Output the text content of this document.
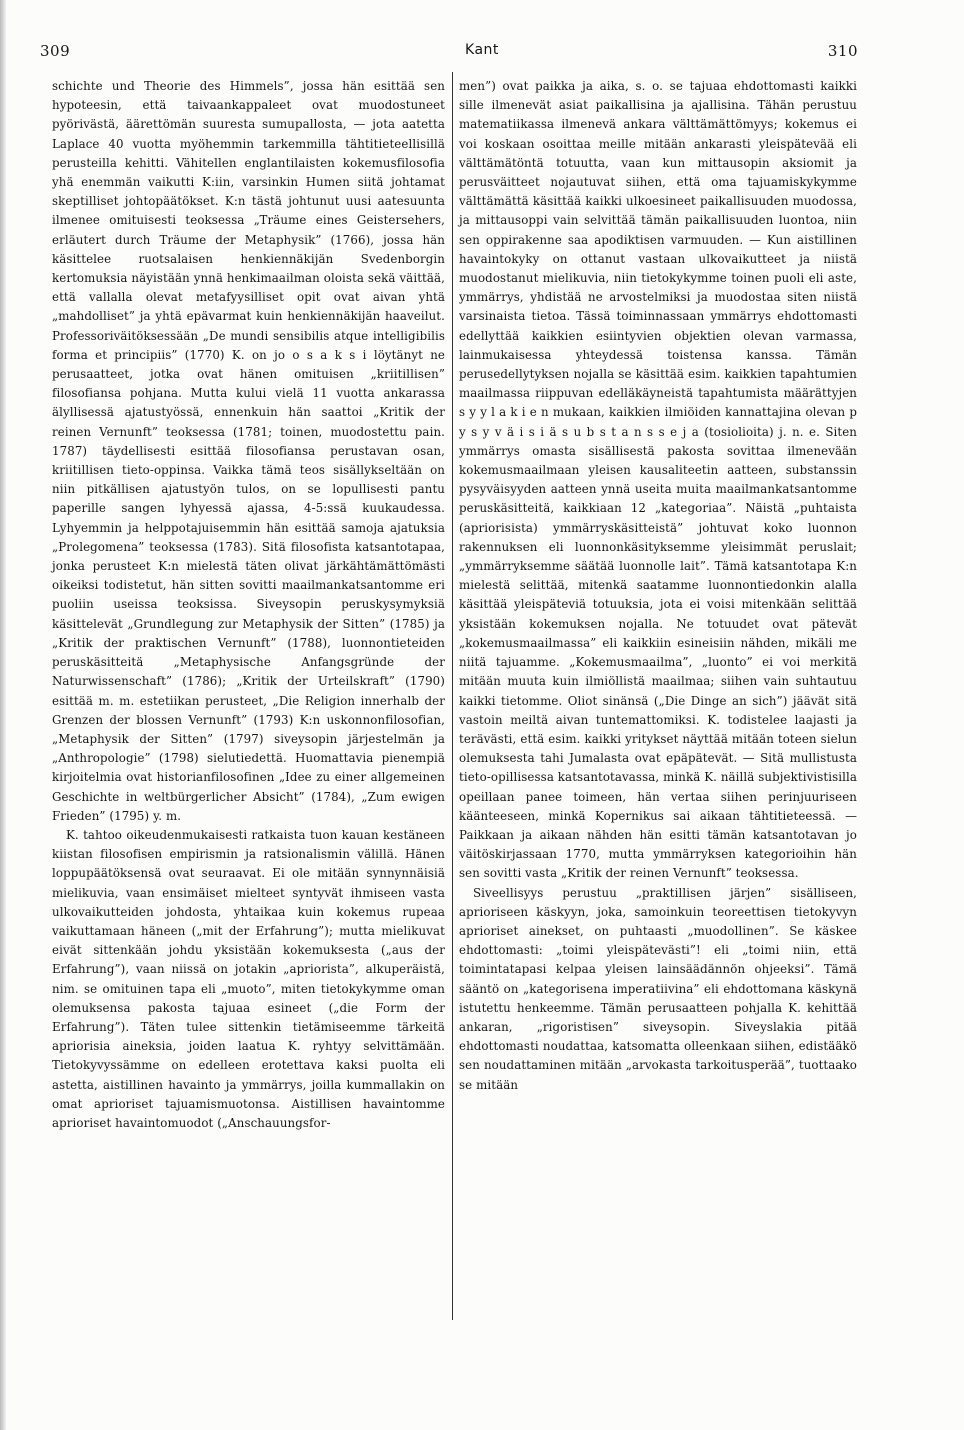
309	Kant	310

schichte und Theorie des Himmels”, jossa hän esittää sen hypoteesin, että taivaankappaleet ovat muodostuneet pyörivästä, äärettömän suuresta sumupallosta, — jota aatetta Laplace 40 vuotta myöhemmin tarkemmilla tähtitieteellisillä perusteilla kehitti. Vähitellen englantilaisten kokemusfilosofia yhä enemmän vaikutti K:iin, varsinkin Humen siitä johtamat skeptilliset johtopäätökset. K:n tästä johtunut uusi aatesuunta ilmenee omituisesti teoksessa „Träume eines Geistersehers, erläutert durch Träume der Metaphysik” (1766), jossa hän käsittelee ruotsalaisen henkiennäkijän Svedenborgin kertomuksia näyistään ynnä henkimaailman oloista sekä väittää, että vallalla olevat metafyysilliset opit ovat aivan yhtä „mahdolliset” ja yhtä epävarmat kuin henkiennäkijän haaveilut. Professoriväitöksessään „De mundi sensibilis atque intelligibilis forma et principiis” (1770) K. on jo o s a k s i löytänyt ne perusaatteet, jotka ovat hänen omituisen „kriitillisen” filosofiansa pohjana. Mutta kului vielä 11 vuotta ankarassa älyllisessä ajatustyössä, ennenkuin hän saattoi „Kritik der reinen Vernunft” teoksessa (1781; toinen, muodostettu pain. 1787) täydellisesti esittää filosofiansa perustavan osan, kriitillisen tieto-oppinsa. Vaikka tämä teos sisällykseltään on niin pitkällisen ajatustyön tulos, on se lopullisesti pantu paperille sangen lyhyessä ajassa, 4-5:ssä kuukaudessa. Lyhyemmin ja helppotajuisemmin hän esittää samoja ajatuksia „Prolegomena” teoksessa (1783). Sitä filosofista katsantotapaa, jonka perusteet K:n mielestä täten olivat järkähtämättömästi oikeiksi todistetut, hän sitten sovitti maailmankatsantomme eri puoliin useissa teoksissa. Siveysopin peruskysymyksiä käsittelevät „Grundlegung zur Metaphysik der Sitten” (1785) ja „Kritik der praktischen Vernunft” (1788), luonnontieteiden peruskäsitteitä „Metaphysische Anfangsgründe der Naturwissenschaft” (1786); „Kritik der Urteilskraft” (1790) esittää m. m. estetiikan perusteet, „Die Religion innerhalb der Grenzen der blossen Vernunft” (1793) K:n uskonnonfilosofian, „Metaphysik der Sitten” (1797) siveysopin järjestelmän ja „Anthropologie” (1798) sielutiedettä. Huomattavia pienempiä kirjoitelmia ovat historianfilosofinen „Idee zu einer allgemeinen Geschichte in weltbürgerlicher Absicht” (1784), „Zum ewigen Frieden” (1795) y. m.

K. tahtoo oikeudenmukaisesti ratkaista tuon kauan kestäneen kiistan filosofisen empirismin ja ratsionalismin välillä. Hänen loppupäätöksensä ovat seuraavat. Ei ole mitään synnynnäisiä mielikuvia, vaan ensimäiset mielteet syntyvät ihmiseen vasta ulkovaikutteiden johdosta, yhtaikaa kuin kokemus rupeaa vaikuttamaan häneen („mit der Erfahrung”); mutta mielikuvat eivät sittenkään johdu yksistään kokemuksesta („aus der Erfahrung”), vaan niissä on jotakin „apriorista”, alkuperäistä, nim. se omituinen tapa eli „muoto”, miten tietokykymme oman olemuksensa pakosta tajuaa esineet („die Form der Erfahrung”). Täten tulee sittenkin tietämiseemme tärkeitä apriorisia aineksia, joiden laatua K. ryhtyy selvittämään. Tietokyvyssämme on edelleen erotettava kaksi puolta eli astetta, aistillinen havainto ja ymmärrys, joilla kummallakin on omat aprioriset tajuamismuotonsa. Aistillisen havaintomme aprioriset havaintomuodot („Anschauungsfor-

men”) ovat paikka ja aika, s. o. se tajuaa ehdottomasti kaikki sille ilmenevät asiat paikallisina ja ajallisina. Tähän perustuu matematiikassa ilmenevä ankara välttämättömyys; kokemus ei voi koskaan osoittaa meille mitään ankarasti yleispätevää eli välttämätöntä totuutta, vaan kun mittausopin aksiomit ja perusväitteet nojautuvat siihen, että oma tajuamiskykymme välttämättä käsittää kaikki ulkoesineet paikallisuuden muodossa, ja mittausoppi vain selvittää tämän paikallisuuden luontoa, niin sen oppirakenne saa apodiktisen varmuuden. — Kun aistillinen havaintokyky on ottanut vastaan ulkovaikutteet ja niistä muodostanut mielikuvia, niin tietokykymme toinen puoli eli aste, ymmärrys, yhdistää ne arvostelmiksi ja muodostaa siten niistä varsinaista tietoa. Tässä toiminnassaan ymmärrys ehdottomasti edellyttää kaikkien esiintyvien objektien olevan varmassa, lainmukaisessa yhteydessä toistensa kanssa. Tämän perusedellytyksen nojalla se käsittää esim. kaikkien tapahtumien maailmassa riippuvan edelläkäyneistä tapahtumista määrättyjen s y y l a k i e n mukaan, kaikkien ilmiöiden kannattajina olevan p y s y v ä i s i ä s u b s t a n s s e j a (tosiolioita) j. n. e. Siten ymmärrys omasta sisällisestä pakosta sovittaa ilmenevään kokemusmaailmaan yleisen kausaliteetin aatteen, substanssin pysyväisyyden aatteen ynnä useita muita maailmankatsantomme peruskäsitteitä, kaikkiaan 12 „kategoriaa”. Näistä „puhtaista (apriorisista) ymmärryskäsitteistä” johtuvat koko luonnon rakennuksen eli luonnonkäsityksemme yleisimmät peruslait; „ymmärryksemme säätää luonnolle lait”. Tämä katsantotapa K:n mielestä selittää, mitenkä saatamme luonnontiedonkin alalla käsittää yleispäteviä totuuksia, jota ei voisi mitenkään selittää yksistään kokemuksen nojalla. Ne totuudet ovat pätevät „kokemusmaailmassa” eli kaikkiin esineisiin nähden, mikäli me niitä tajuamme. „Kokemusmaailma”, „luonto” ei voi merkitä mitään muuta kuin ilmiöllistä maailmaa; siihen vain suhtautuu kaikki tietomme. Oliot sinänsä („Die Dinge an sich”) jäävät sitä vastoin meiltä aivan tuntemattomiksi. K. todistelee laajasti ja terävästi, että esim. kaikki yritykset näyttää mitään toteen sielun olemuksesta tahi Jumalasta ovat epäpätevät. — Sitä mullistusta tieto-opillisessa katsantotavassa, minkä K. näillä subjektivistisilla opeillaan panee toimeen, hän vertaa siihen perinjuuriseen käänteeseen, minkä Kopernikus sai aikaan tähtitieteessä. — Paikkaan ja aikaan nähden hän esitti tämän katsantotavan jo väitöskirjassaan 1770, mutta ymmärryksen kategorioihin hän sen sovitti vasta „Kritik der reinen Vernunft” teoksessa.

Siveellisyys perustuu „praktillisen järjen” sisälliseen, aprioriseen käskyyn, joka, samoinkuin teoreettisen tietokyvyn aprioriset ainekset, on puhtaasti „muodollinen”. Se käskee ehdottomasti: „toimi yleispätevästi”! eli „toimi niin, että toimintatapasi kelpaa yleisen lainsäädännön ohjeeksi”. Tämä sääntö on „kategorisena imperatiivina” eli ehdottomana käskynä istutettu henkeemme. Tämän perusaatteen pohjalla K. kehittää ankaran, „rigoristisen” siveysopin. Siveyslakia pitää ehdottomasti noudattaa, katsomatta olleenkaan siihen, edistääkö sen noudattaminen mitään „arvokasta tarkoitusperää”, tuottaako se mitään
